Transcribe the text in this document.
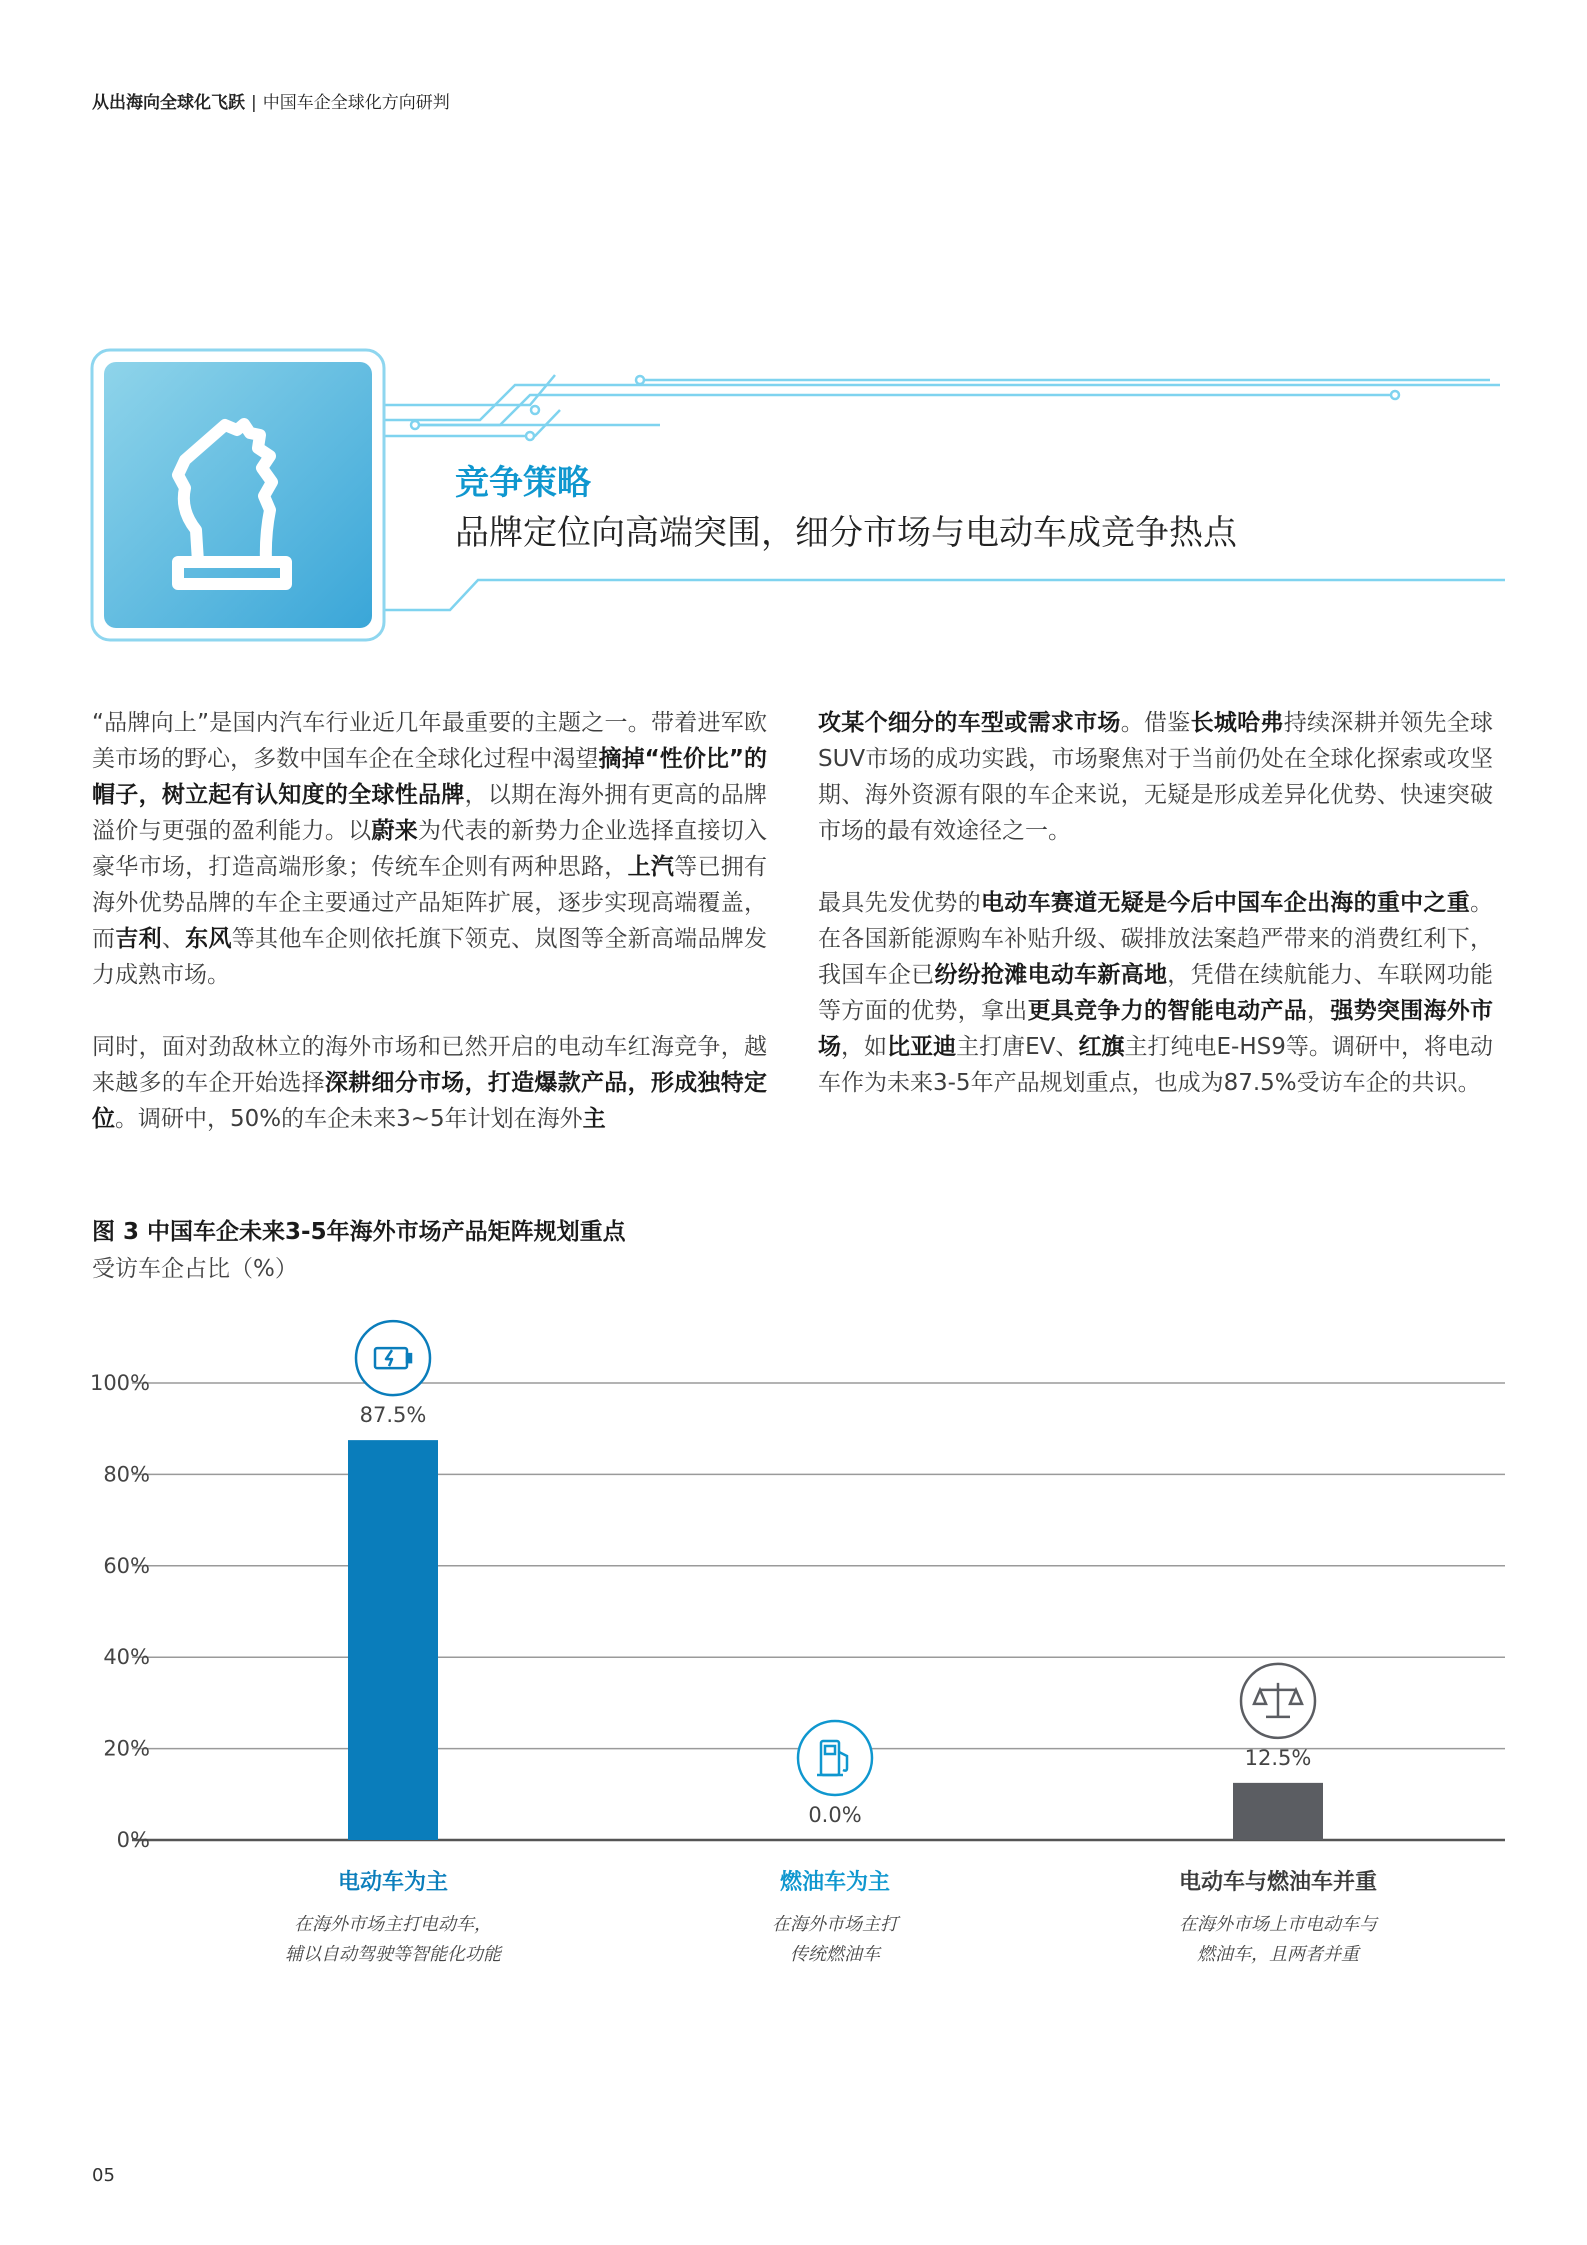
从出海向全球化飞跃 | 中国车企全球化方向研判
竞争策略
品牌定位向高端突围，细分市场与电动车成竞争热点

“品牌向上”是国内汽车行业近几年最重要的主题之一。带着进军欧美市场的野心，多数中国车企在全球化过程中渴望摘掉“性价比”的帽子，树立起有认知度的全球性品牌，以期在海外拥有更高的品牌溢价与更强的盈利能力。以蔚来为代表的新势力企业选择直接切入豪华市场，打造高端形象；传统车企则有两种思路，上汽等已拥有海外优势品牌的车企主要通过产品矩阵扩展，逐步实现高端覆盖，而吉利、东风等其他车企则依托旗下领克、岚图等全新高端品牌发力成熟市场。

同时，面对劲敌林立的海外市场和已然开启的电动车红海竞争，越来越多的车企开始选择深耕细分市场，打造爆款产品，形成独特定位。调研中，50%的车企未来3~5年计划在海外主

攻某个细分的车型或需求市场。借鉴长城哈弗持续深耕并领先全球SUV市场的成功实践，市场聚焦对于当前仍处在全球化探索或攻坚期、海外资源有限的车企来说，无疑是形成差异化优势、快速突破市场的最有效途径之一。

最具先发优势的电动车赛道无疑是今后中国车企出海的重中之重。在各国新能源购车补贴升级、碳排放法案趋严带来的消费红利下，我国车企已纷纷抢滩电动车新高地，凭借在续航能力、车联网功能等方面的优势，拿出更具竞争力的智能电动产品，强势突围海外市场，如比亚迪主打唐EV、红旗主打纯电E-HS9等。调研中，将电动车作为未来3-5年产品规划重点，也成为87.5%受访车企的共识。

图 3 中国车企未来3-5年海外市场产品矩阵规划重点
受访车企占比（%）
0%
20%
40%
60%
80%
100%
87.5%
0.0%
12.5%
电动车为主
在海外市场主打电动车，
辅以自动驾驶等智能化功能
燃油车为主
在海外市场主打
传统燃油车
电动车与燃油车并重
在海外市场上市电动车与
燃油车，且两者并重
05
